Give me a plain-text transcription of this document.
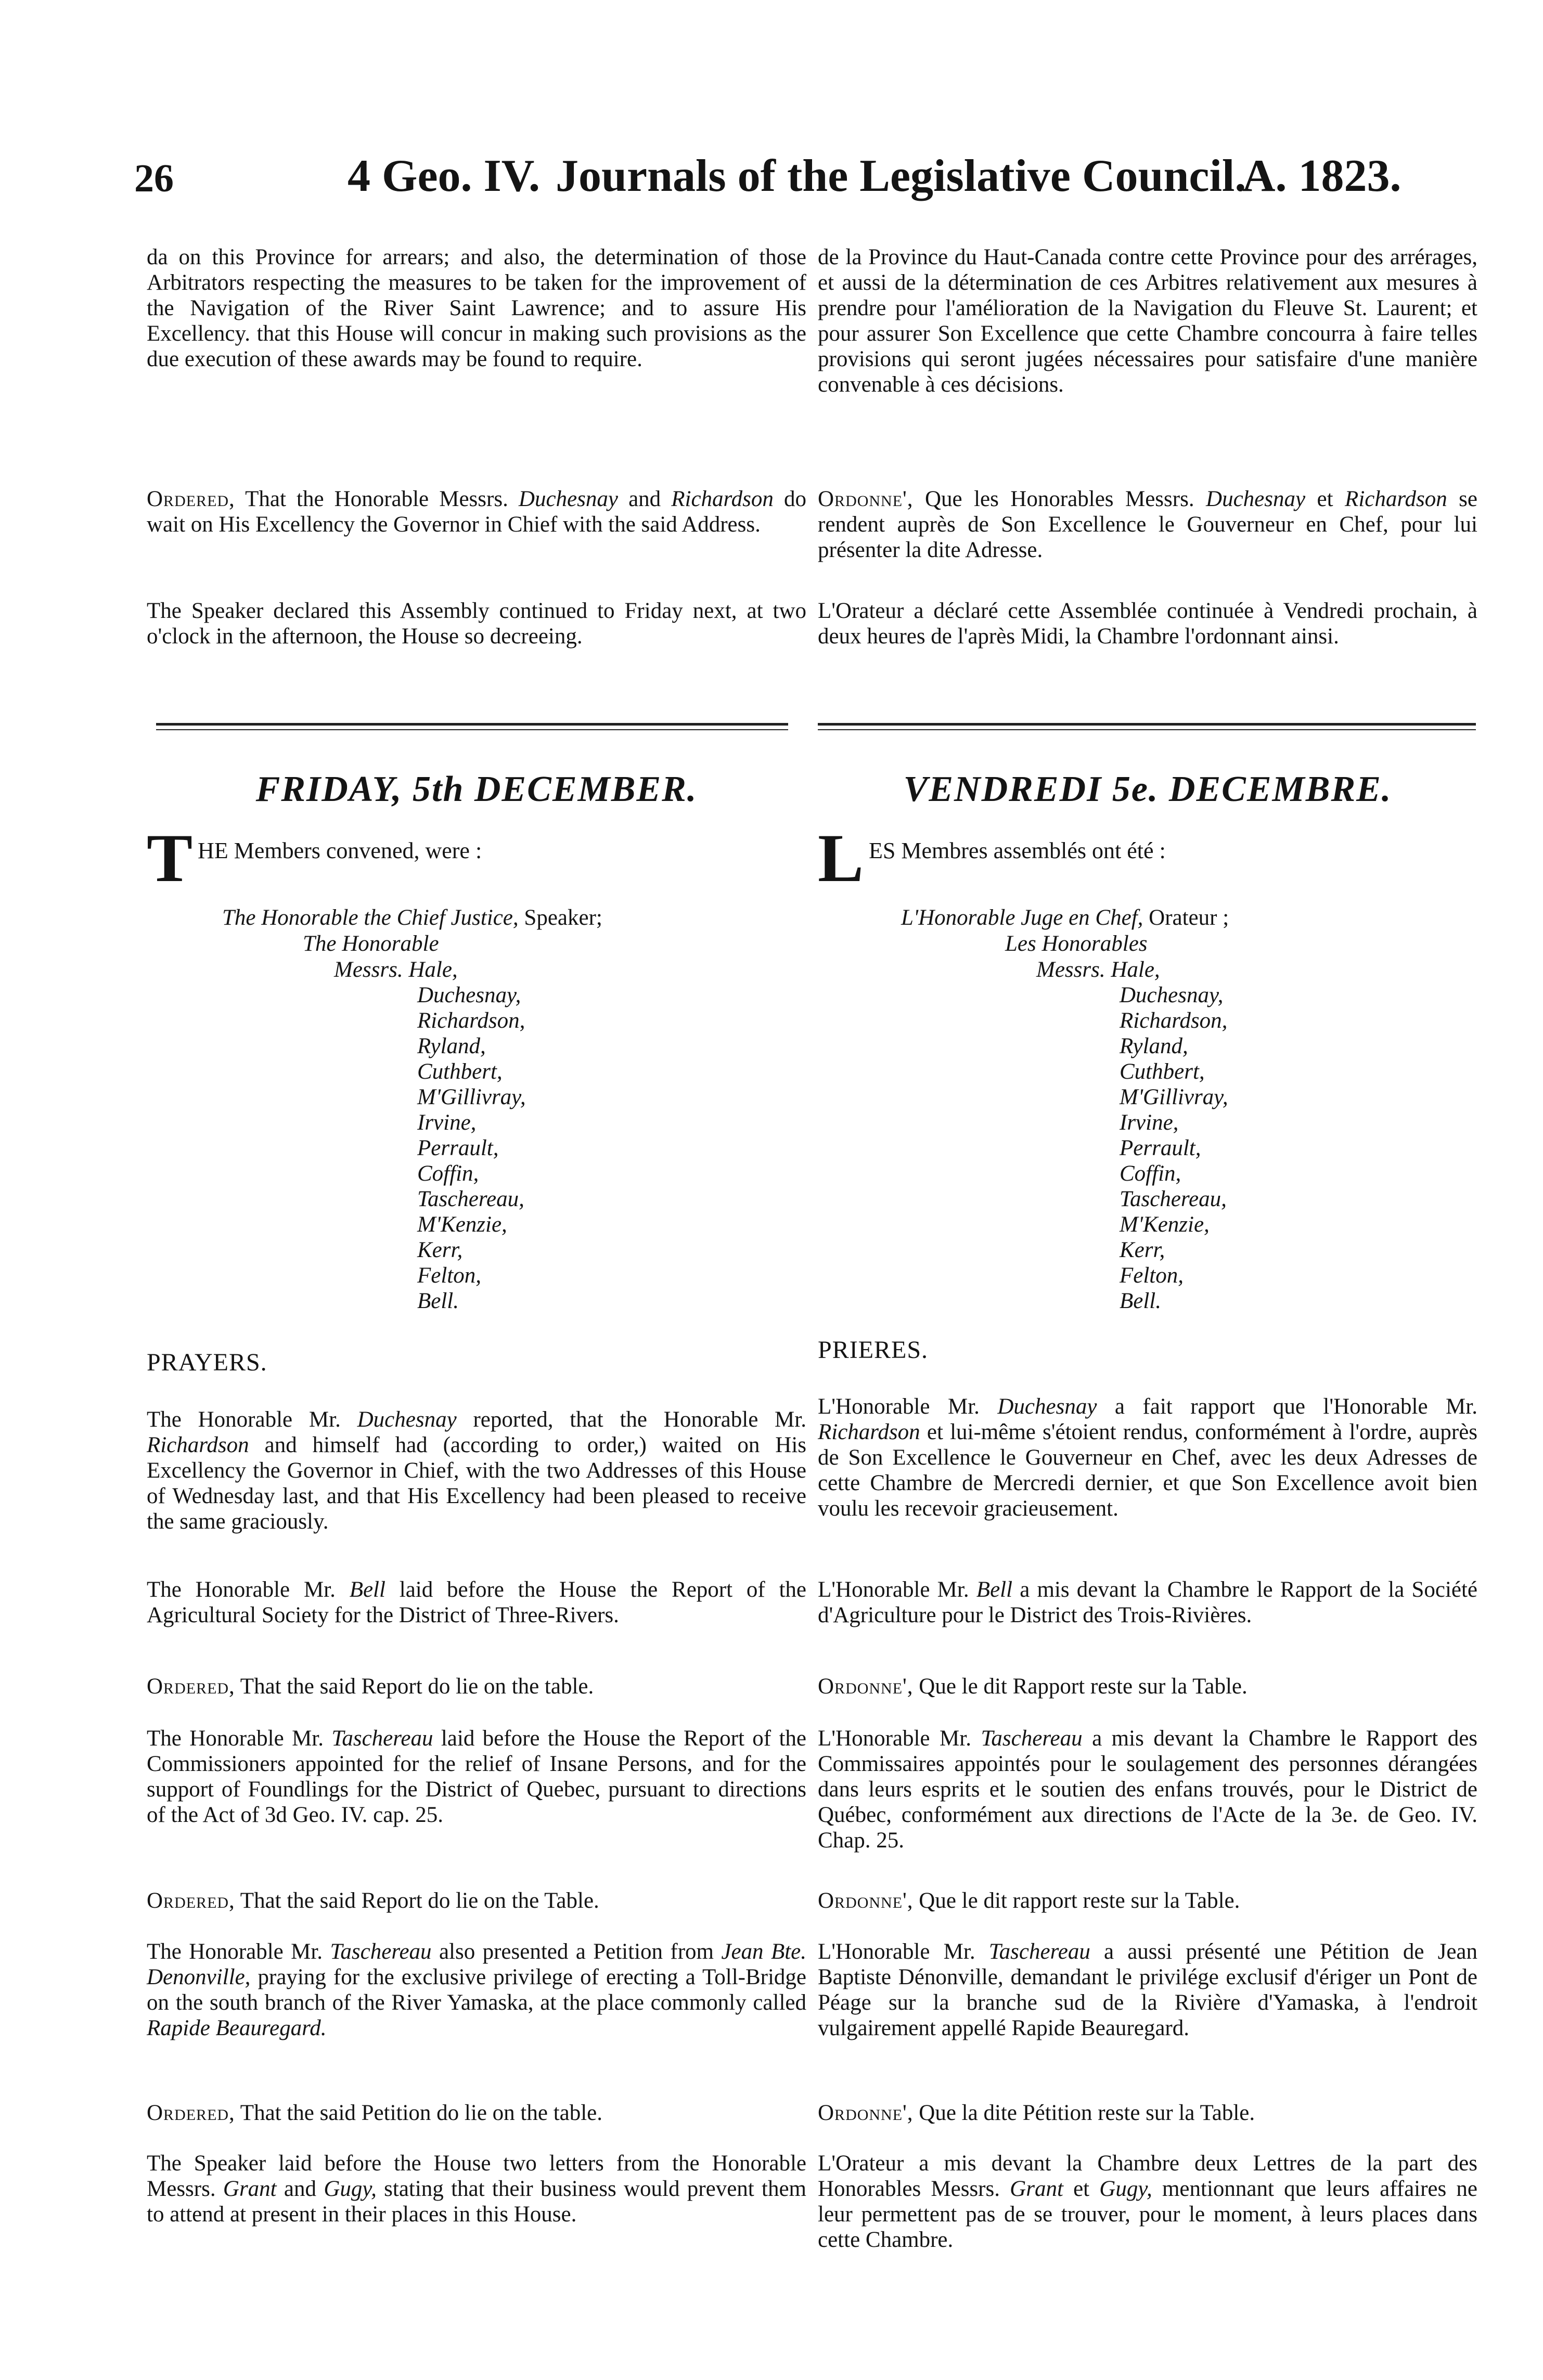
26	4 Geo. IV. Journals of the Legislative Council.
A. 1823.

da on this Province for arrears; and also, the determination of those Arbitrators respecting the measures to be taken for the improvement of the Navigation of the River Saint Lawrence; and to assure His Excellency. that this House will concur in making such provisions as the due execution of these awards may be found to require.

Ordered, That the Honorable Messrs. Duchesnay and Richardson do wait on His Excellency the Governor in Chief with the said Address.

The Speaker declared this Assembly continued to Friday next, at two o'clock in the afternoon, the House so decreeing.

FRIDAY, 5th DECEMBER.
T HE Members convened, were :
The Honorable the Chief Justice, Speaker;
The Honorable
Messrs. Hale,
Duchesnay,
Richardson,
Ryland,
Cuthbert,
M'Gillivray,
Irvine,
Perrault,
Coffin,
Taschereau,
M'Kenzie,
Kerr,
Felton,
Bell.
PRAYERS.

The Honorable Mr. Duchesnay reported, that the Honorable Mr. Richardson and himself had (according to order,) waited on His Excellency the Governor in Chief, with the two Addresses of this House of Wednesday last, and that His Excellency had been pleased to receive the same graciously.

The Honorable Mr. Bell laid before the House the Report of the Agricultural Society for the District of Three-Rivers.

Ordered, That the said Report do lie on the table.

The Honorable Mr. Taschereau laid before the House the Report of the Commissioners appointed for the relief of Insane Persons, and for the support of Foundlings for the District of Quebec, pursuant to directions of the Act of 3d Geo. IV. cap. 25.

Ordered, That the said Report do lie on the Table.

The Honorable Mr. Taschereau also presented a Petition from Jean Bte. Denonville, praying for the exclusive privilege of erecting a Toll-Bridge on the south branch of the River Yamaska, at the place commonly called Rapide Beauregard.

Ordered, That the said Petition do lie on the table.

The Speaker laid before the House two letters from the Honorable Messrs. Grant and Gugy, stating that their business would prevent them to attend at present in their places in this House.

de la Province du Haut-Canada contre cette Province pour des arrérages, et aussi de la détermination de ces Arbitres relativement aux mesures à prendre pour l'amélioration de la Navigation du Fleuve St. Laurent; et pour assurer Son Excellence que cette Chambre concourra à faire telles provisions qui seront jugées nécessaires pour satisfaire d'une manière convenable à ces décisions.

Ordonne', Que les Honorables Messrs. Duchesnay et Richardson se rendent auprès de Son Excellence le Gouverneur en Chef, pour lui présenter la dite Adresse.

L'Orateur a déclaré cette Assemblée continuée à Vendredi prochain, à deux heures de l'après Midi, la Chambre l'ordonnant ainsi.

VENDREDI 5e. DECEMBRE.
L ES Membres assemblés ont été :
L'Honorable Juge en Chef, Orateur ;
Les Honorables
Messrs. Hale,
Duchesnay,
Richardson,
Ryland,
Cuthbert,
M'Gillivray,
Irvine,
Perrault,
Coffin,
Taschereau,
M'Kenzie,
Kerr,
Felton,
Bell.
PRIERES.

L'Honorable Mr. Duchesnay a fait rapport que l'Honorable Mr. Richardson et lui-même s'étoient rendus, conformément à l'ordre, auprès de Son Excellence le Gouverneur en Chef, avec les deux Adresses de cette Chambre de Mercredi dernier, et que Son Excellence avoit bien voulu les recevoir gracieusement.

L'Honorable Mr. Bell a mis devant la Chambre le Rapport de la Société d'Agriculture pour le District des Trois-Rivières.

Ordonne', Que le dit Rapport reste sur la Table.

L'Honorable Mr. Taschereau a mis devant la Chambre le Rapport des Commissaires appointés pour le soulagement des personnes dérangées dans leurs esprits et le soutien des enfans trouvés, pour le District de Québec, conformément aux directions de l'Acte de la 3e. de Geo. IV. Chap. 25.

Ordonne', Que le dit rapport reste sur la Table.

L'Honorable Mr. Taschereau a aussi présenté une Pétition de Jean Baptiste Dénonville, demandant le privilége exclusif d'ériger un Pont de Péage sur la branche sud de la Rivière d'Yamaska, à l'endroit vulgairement appellé Rapide Beauregard.

Ordonne', Que la dite Pétition reste sur la Table.

L'Orateur a mis devant la Chambre deux Lettres de la part des Honorables Messrs. Grant et Gugy, mentionnant que leurs affaires ne leur permettent pas de se trouver, pour le moment, à leurs places dans cette Chambre.
